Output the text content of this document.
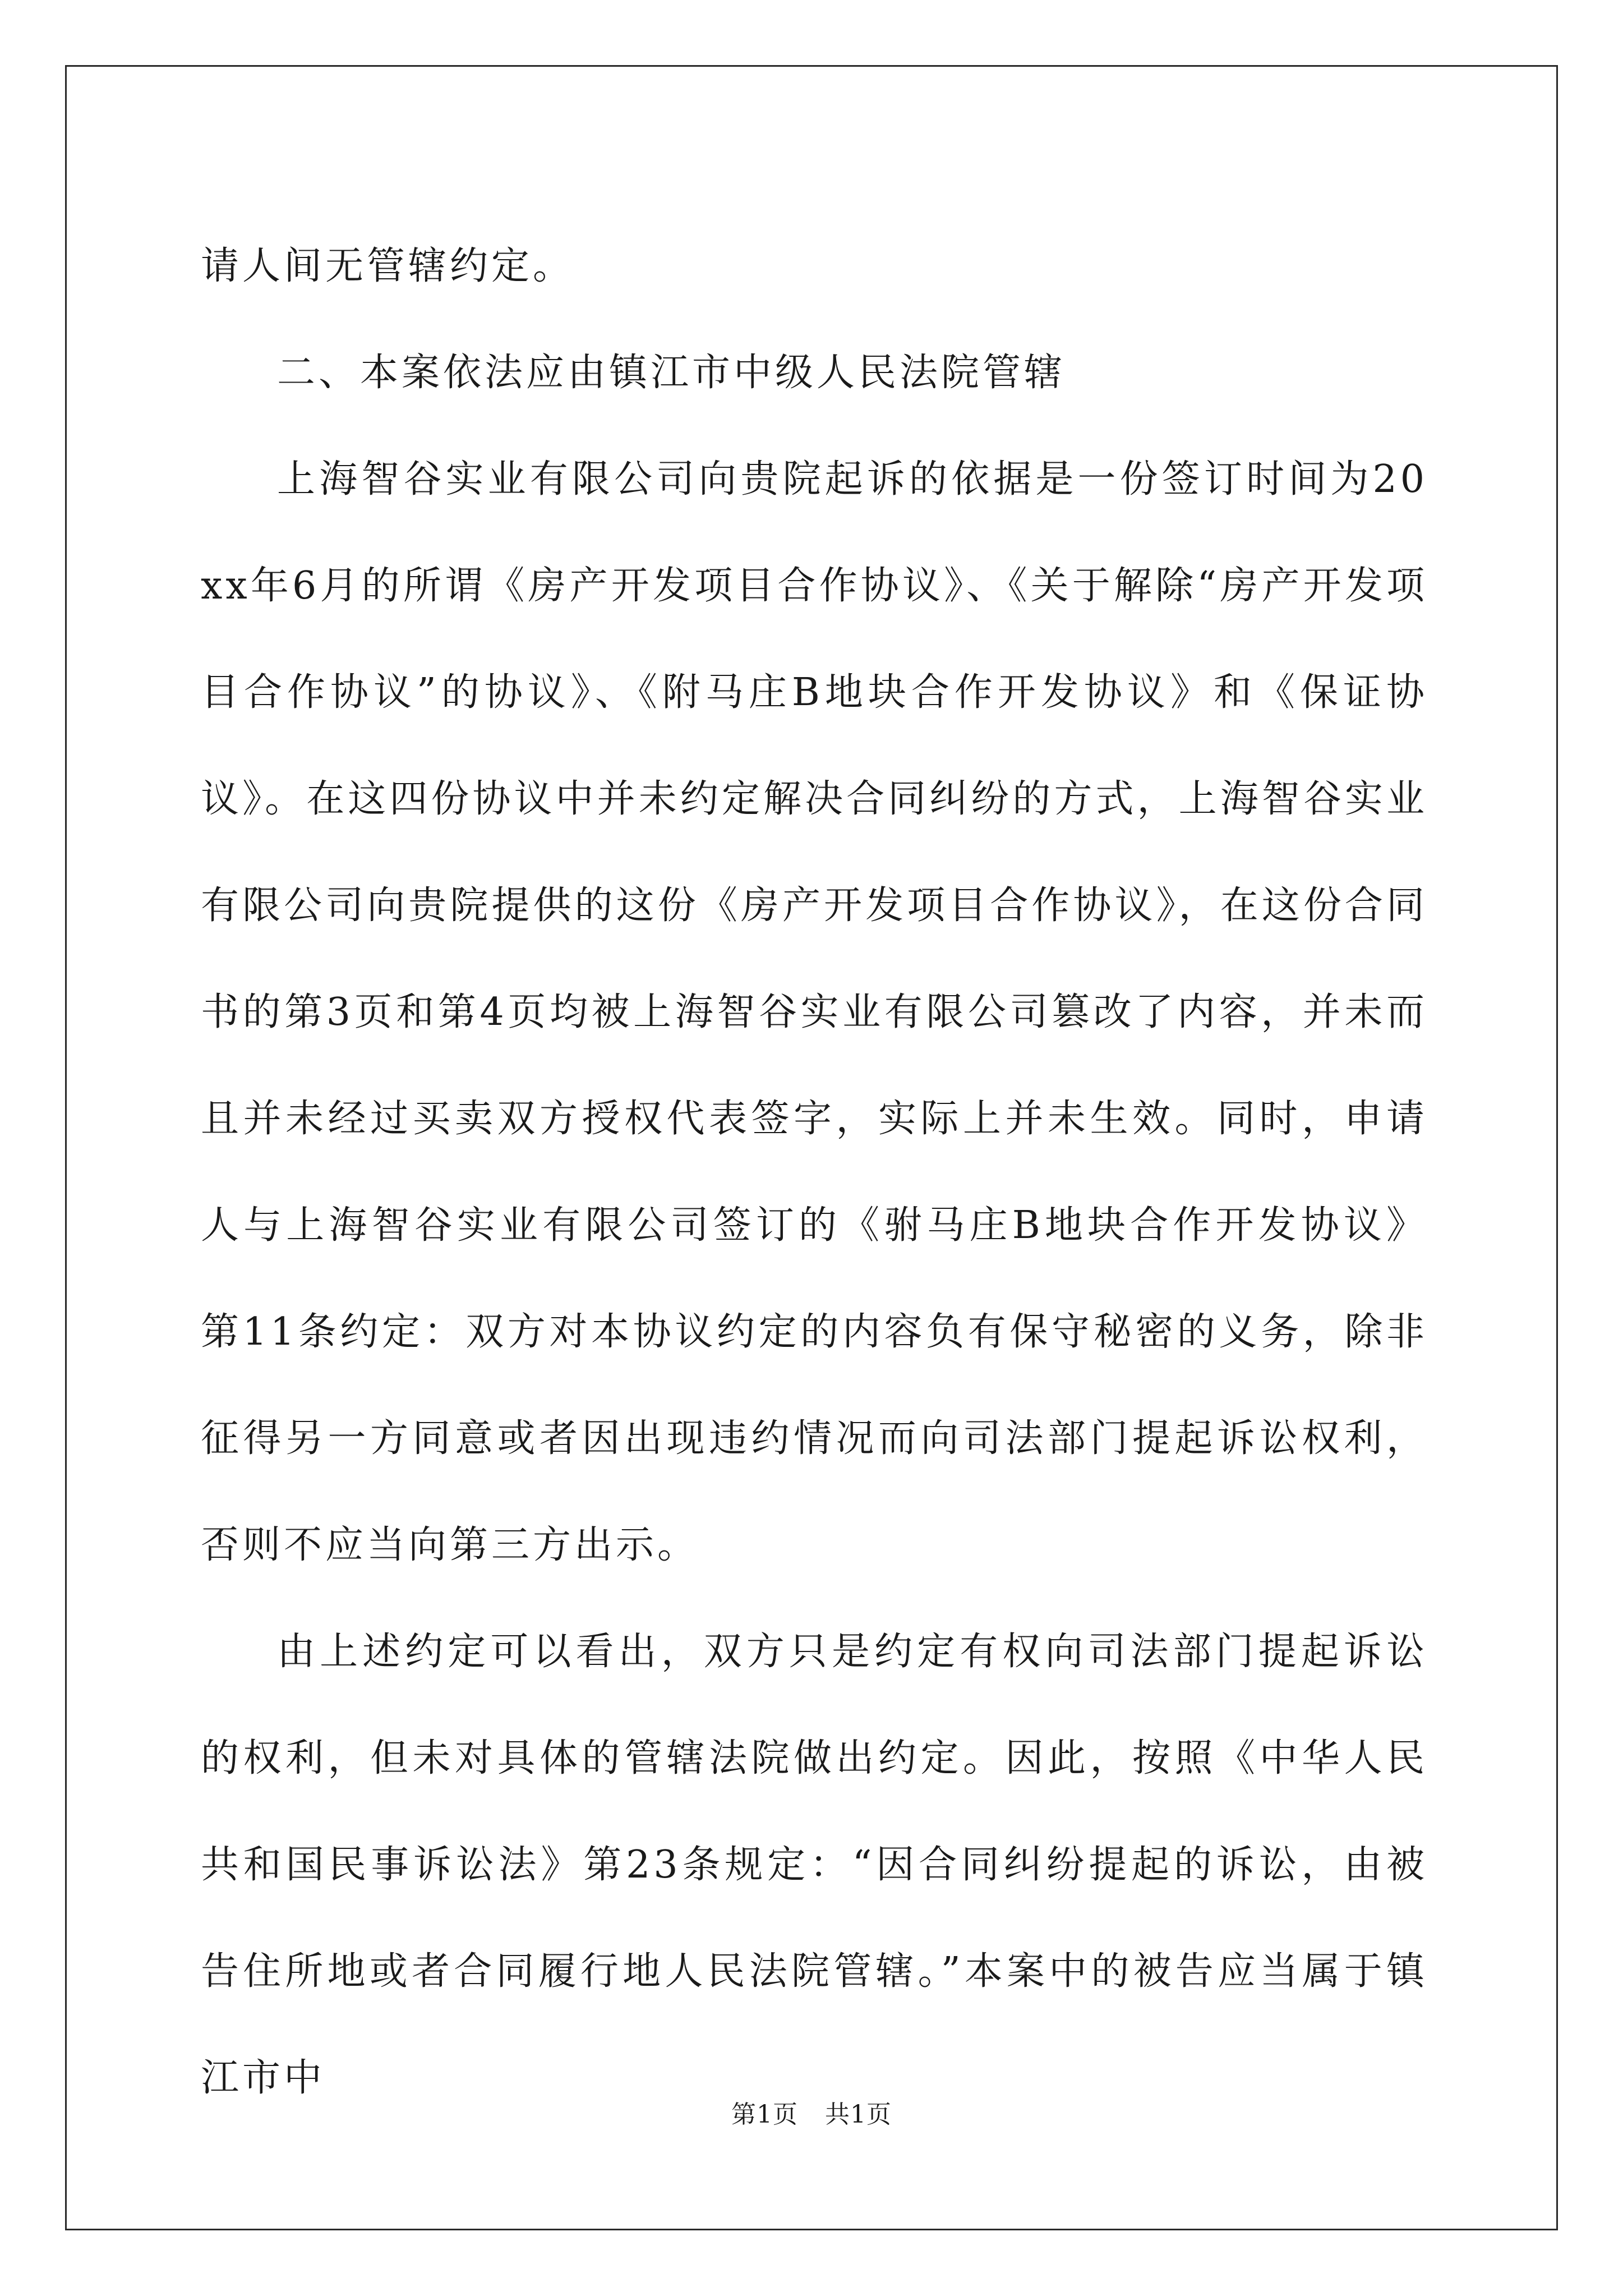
请人间无管辖约定。

二、本案依法应由镇江市中级人民法院管辖

上海智谷实业有限公司向贵院起诉的依据是一份签订时间为20xx年6月的所谓《房产开发项目合作协议》、《关于解除“房产开发项目合作协议”的协议》、《附马庄B地块合作开发协议》和《保证协议》。在这四份协议中并未约定解决合同纠纷的方式，上海智谷实业有限公司向贵院提供的这份《房产开发项目合作协议》，在这份合同书的第3页和第4页均被上海智谷实业有限公司篡改了内容，并未而且并未经过买卖双方授权代表签字，实际上并未生效。同时，申请人与上海智谷实业有限公司签订的《驸马庄B地块合作开发协议》第11条约定：双方对本协议约定的内容负有保守秘密的义务，除非征得另一方同意或者因出现违约情况而向司法部门提起诉讼权利，否则不应当向第三方出示。

由上述约定可以看出，双方只是约定有权向司法部门提起诉讼的权利，但未对具体的管辖法院做出约定。因此，按照《中华人民共和国民事诉讼法》第23条规定：“因合同纠纷提起的诉讼，由被告住所地或者合同履行地人民法院管辖。”本案中的被告应当属于镇江市中

第1页 共1页
